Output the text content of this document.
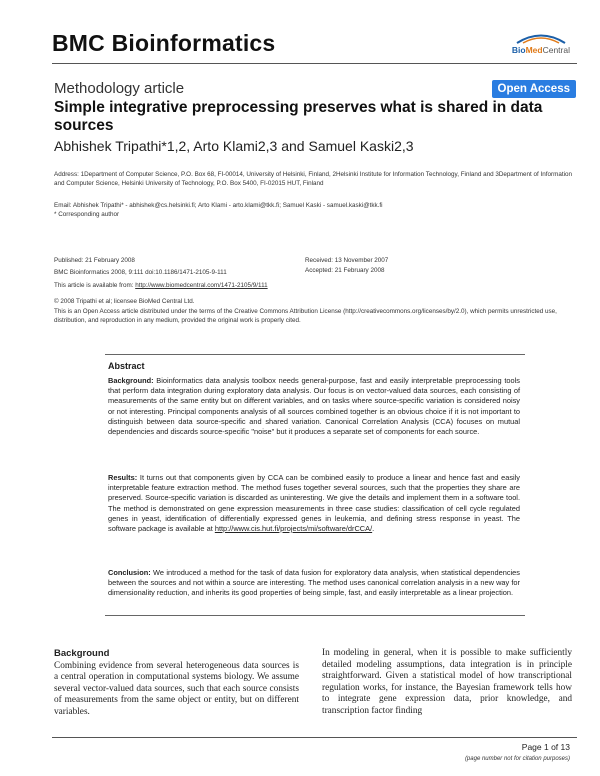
BMC Bioinformatics	BioMedCentral
Methodology article	Open Access
Simple integrative preprocessing preserves what is shared in data sources
Abhishek Tripathi*1,2, Arto Klami2,3 and Samuel Kaski2,3
Address: 1Department of Computer Science, P.O. Box 68, FI-00014, University of Helsinki, Finland, 2Helsinki Institute for Information Technology, Finland and 3Department of Information and Computer Science, Helsinki University of Technology, P.O. Box 5400, FI-02015 HUT, Finland
Email: Abhishek Tripathi* - abhishek@cs.helsinki.fi; Arto Klami - arto.klami@tkk.fi; Samuel Kaski - samuel.kaski@tkk.fi
* Corresponding author
Published: 21 February 2008
BMC Bioinformatics 2008, 9:111 doi:10.1186/1471-2105-9-111
Received: 13 November 2007
Accepted: 21 February 2008
This article is available from: http://www.biomedcentral.com/1471-2105/9/111
© 2008 Tripathi et al; licensee BioMed Central Ltd.
This is an Open Access article distributed under the terms of the Creative Commons Attribution License (http://creativecommons.org/licenses/by/2.0), which permits unrestricted use, distribution, and reproduction in any medium, provided the original work is properly cited.
Abstract
Background: Bioinformatics data analysis toolbox needs general-purpose, fast and easily interpretable preprocessing tools that perform data integration during exploratory data analysis. Our focus is on vector-valued data sources, each consisting of measurements of the same entity but on different variables, and on tasks where source-specific variation is considered noisy or not interesting. Principal components analysis of all sources combined together is an obvious choice if it is not important to distinguish between data source-specific and shared variation. Canonical Correlation Analysis (CCA) focuses on mutual dependencies and discards source-specific "noise" but it produces a separate set of components for each source.
Results: It turns out that components given by CCA can be combined easily to produce a linear and hence fast and easily interpretable feature extraction method. The method fuses together several sources, such that the properties they share are preserved. Source-specific variation is discarded as uninteresting. We give the details and implement them in a software tool. The method is demonstrated on gene expression measurements in three case studies: classification of cell cycle regulated genes in yeast, identification of differentially expressed genes in leukemia, and defining stress response in yeast. The software package is available at http://www.cis.hut.fi/projects/mi/software/drCCA/.
Conclusion: We introduced a method for the task of data fusion for exploratory data analysis, when statistical dependencies between the sources and not within a source are interesting. The method uses canonical correlation analysis in a new way for dimensionality reduction, and inherits its good properties of being simple, fast, and easily interpretable as a linear projection.
Background
Combining evidence from several heterogeneous data sources is a central operation in computational systems biology. We assume several vector-valued data sources, such that each source consists of measurements from the same object or entity, but on different variables.
In modeling in general, when it is possible to make sufficiently detailed modeling assumptions, data integration is in principle straightforward. Given a statistical model of how transcriptional regulation works, for instance, the Bayesian framework tells how to integrate gene expression data, prior knowledge, and transcription factor finding
Page 1 of 13
(page number not for citation purposes)
